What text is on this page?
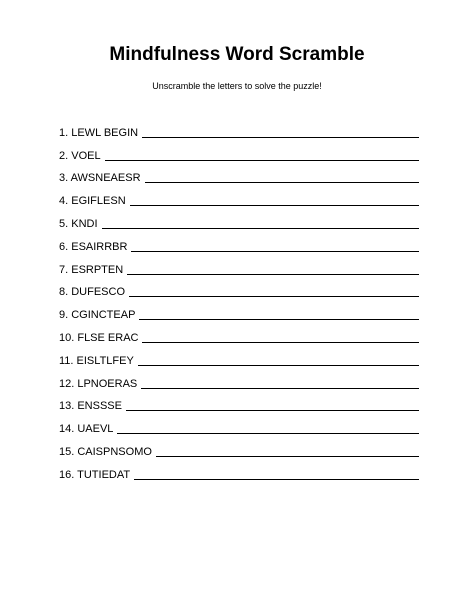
Mindfulness Word Scramble
Unscramble the letters to solve the puzzle!
1. LEWL BEGIN
2. VOEL
3. AWSNEAESR
4. EGIFLESN
5. KNDI
6. ESAIRRBR
7. ESRPTEN
8. DUFESCO
9. CGINCTEAP
10. FLSE ERAC
11. EISLTLFEY
12. LPNOERAS
13. ENSSSE
14. UAEVL
15. CAISPNSOMO
16. TUTIEDAT
